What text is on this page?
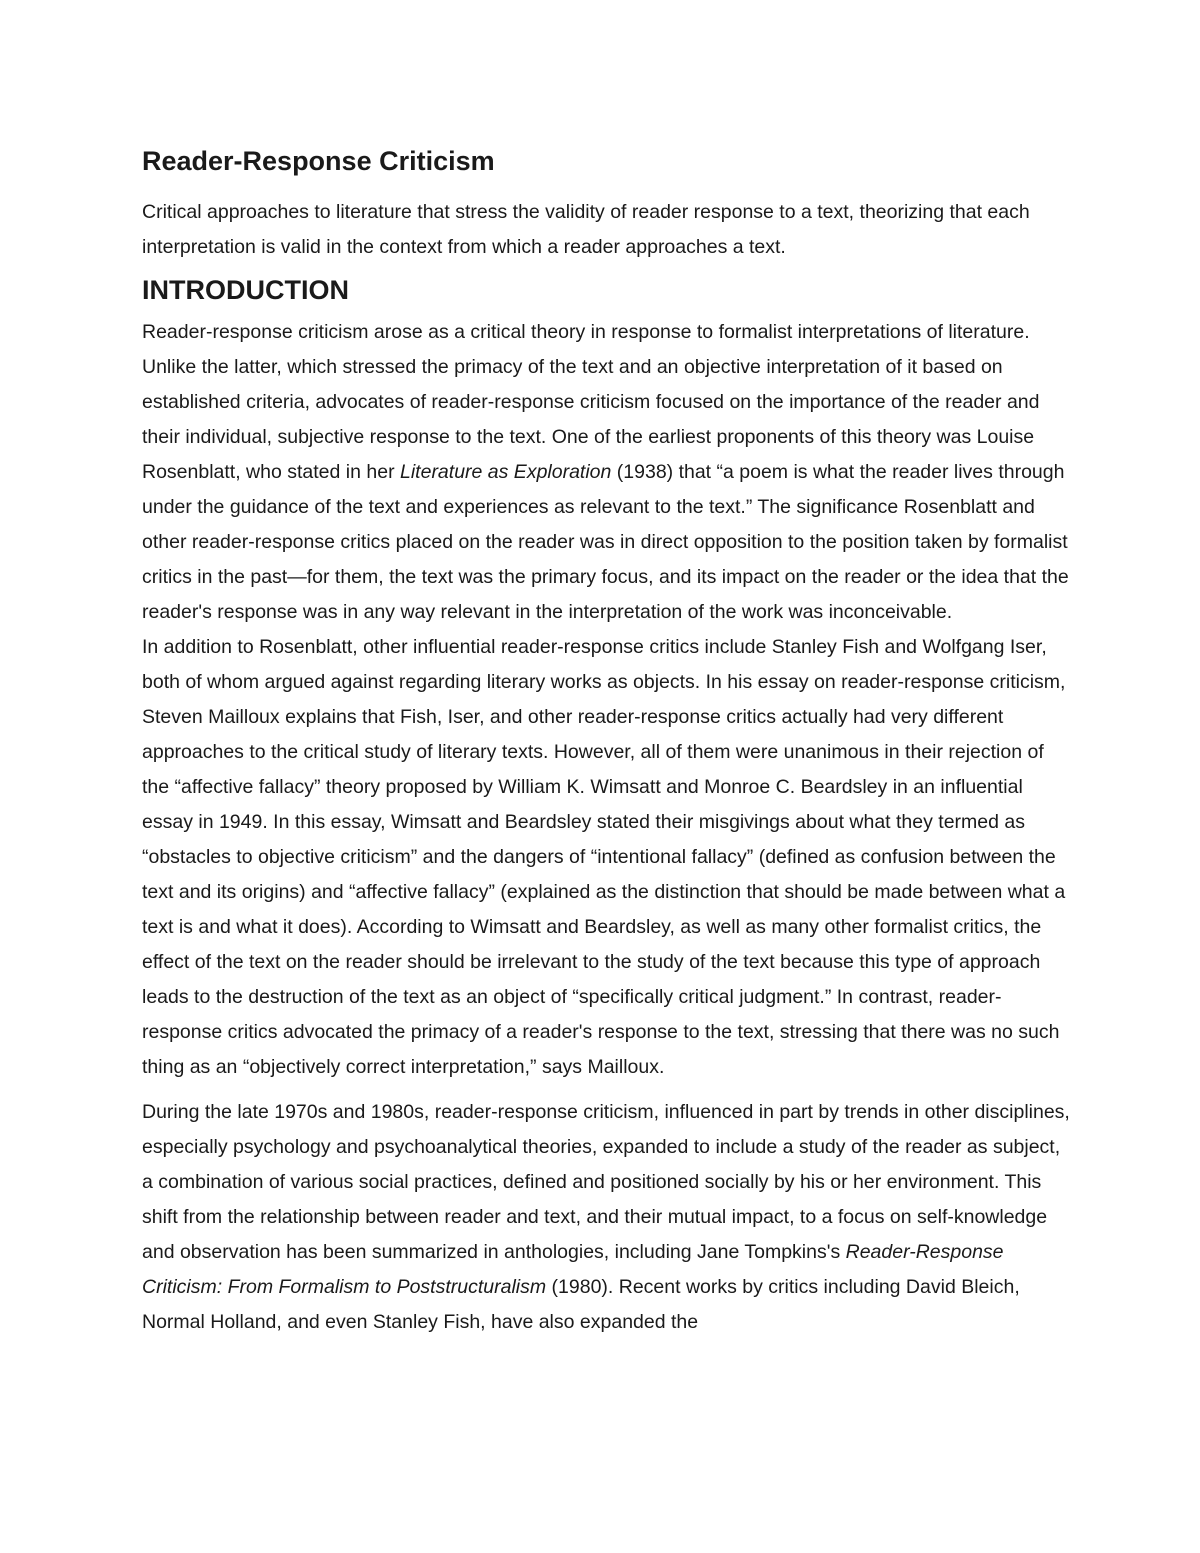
Reader-Response Criticism

Critical approaches to literature that stress the validity of reader response to a text, theorizing that each interpretation is valid in the context from which a reader approaches a text.

INTRODUCTION

Reader-response criticism arose as a critical theory in response to formalist interpretations of literature. Unlike the latter, which stressed the primacy of the text and an objective interpretation of it based on established criteria, advocates of reader-response criticism focused on the importance of the reader and their individual, subjective response to the text. One of the earliest proponents of this theory was Louise Rosenblatt, who stated in her Literature as Exploration (1938) that “a poem is what the reader lives through under the guidance of the text and experiences as relevant to the text.” The significance Rosenblatt and other reader-response critics placed on the reader was in direct opposition to the position taken by formalist critics in the past—for them, the text was the primary focus, and its impact on the reader or the idea that the reader's response was in any way relevant in the interpretation of the work was inconceivable.

In addition to Rosenblatt, other influential reader-response critics include Stanley Fish and Wolfgang Iser, both of whom argued against regarding literary works as objects. In his essay on reader-response criticism, Steven Mailloux explains that Fish, Iser, and other reader-response critics actually had very different approaches to the critical study of literary texts. However, all of them were unanimous in their rejection of the “affective fallacy” theory proposed by William K. Wimsatt and Monroe C. Beardsley in an influential essay in 1949. In this essay, Wimsatt and Beardsley stated their misgivings about what they termed as “obstacles to objective criticism” and the dangers of “intentional fallacy” (defined as confusion between the text and its origins) and “affective fallacy” (explained as the distinction that should be made between what a text is and what it does). According to Wimsatt and Beardsley, as well as many other formalist critics, the effect of the text on the reader should be irrelevant to the study of the text because this type of approach leads to the destruction of the text as an object of “specifically critical judgment.” In contrast, reader-response critics advocated the primacy of a reader's response to the text, stressing that there was no such thing as an “objectively correct interpretation,” says Mailloux.

During the late 1970s and 1980s, reader-response criticism, influenced in part by trends in other disciplines, especially psychology and psychoanalytical theories, expanded to include a study of the reader as subject, a combination of various social practices, defined and positioned socially by his or her environment. This shift from the relationship between reader and text, and their mutual impact, to a focus on self-knowledge and observation has been summarized in anthologies, including Jane Tompkins's Reader-Response Criticism: From Formalism to Poststructuralism (1980). Recent works by critics including David Bleich, Normal Holland, and even Stanley Fish, have also expanded the
